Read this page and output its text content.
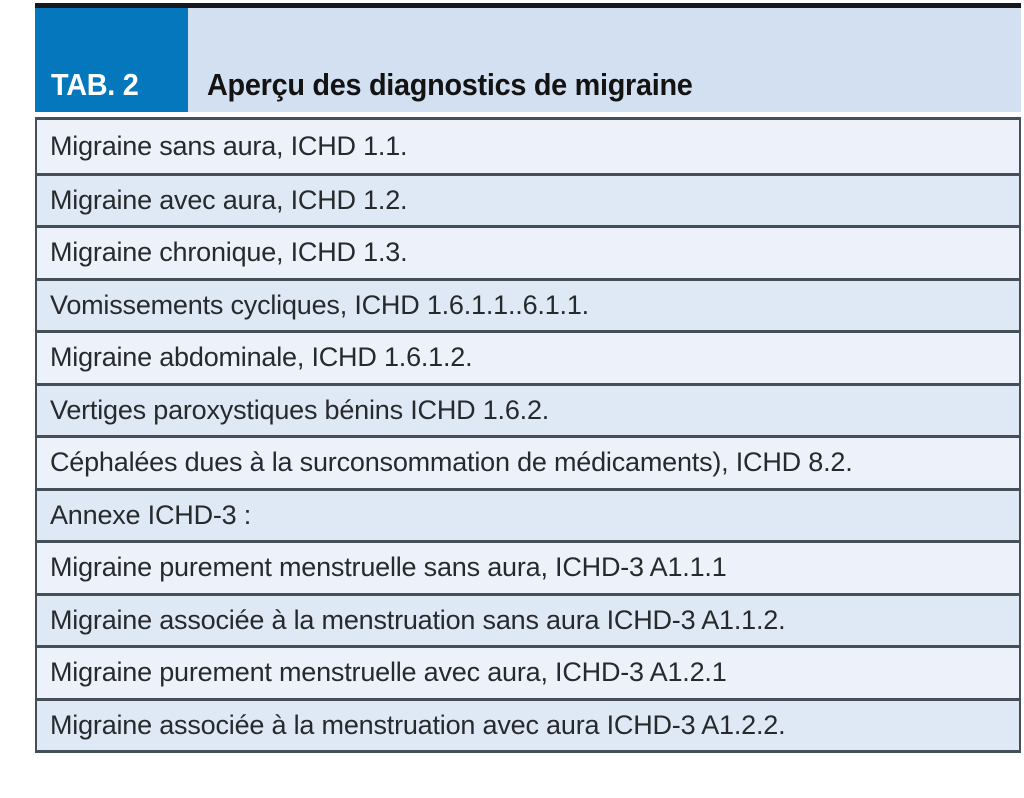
TAB. 2 Aperçu des diagnostics de migraine
Migraine sans aura, ICHD 1.1.
Migraine avec aura, ICHD 1.2.
Migraine chronique, ICHD 1.3.
Vomissements cycliques, ICHD 1.6.1.1..6.1.1.
Migraine abdominale, ICHD 1.6.1.2.
Vertiges paroxystiques bénins ICHD 1.6.2.
Céphalées dues à la surconsommation de médicaments), ICHD 8.2.
Annexe ICHD-3 :
Migraine purement menstruelle sans aura, ICHD-3 A1.1.1
Migraine associée à la menstruation sans aura ICHD-3 A1.1.2.
Migraine purement menstruelle avec aura, ICHD-3 A1.2.1
Migraine associée à la menstruation avec aura ICHD-3 A1.2.2.
